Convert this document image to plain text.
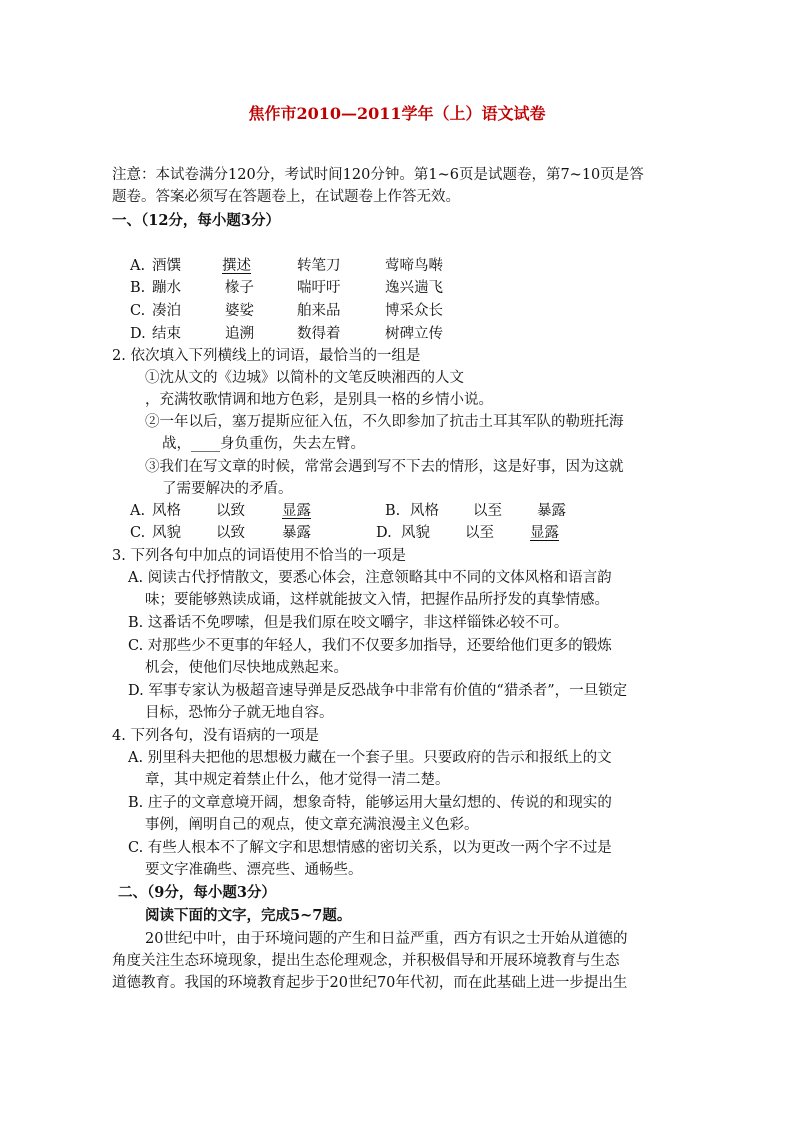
焦作市2010—2011学年（上）语文试卷
注意：本试卷满分120分，考试时间120分钟。第1~6页是试题卷，第7~10页是答
题卷。答案必须写在答题卷上，在试题卷上作答无效。
一、（12分，每小题3分）
A. 酒馔	撰述	转笔刀	莺啼鸟啭
B. 蹦水	椽子	喘吁吁	逸兴遄飞
C. 凑泊	婆娑	舶来品	博采众长
D. 结束	追溯	数得着	树碑立传
2. 依次填入下列横线上的词语，最恰当的一组是
①沈从文的《边城》以简朴的文笔反映湘西的人文
，充满牧歌情调和地方色彩，是别具一格的乡情小说。
②一年以后，塞万提斯应征入伍，不久即参加了抗击土耳其军队的勒班托海
战，____身负重伤，失去左臂。
③我们在写文章的时候，常常会遇到写不下去的情形，这是好事，因为这就
了需要解决的矛盾。
A. 风格 以致	显露	B. 风格 以至 暴露
C. 风貌 以致	暴露	D. 风貌 以至 显露
3. 下列各句中加点的词语使用不恰当的一项是
A. 阅读古代抒情散文，要悉心体会，注意领略其中不同的文体风格和语言韵
味；要能够熟读成诵，这样就能披文入情，把握作品所抒发的真挚情感。
B. 这番话不免啰嗦，但是我们原在咬文嚼字，非这样锱铢必较不可。
C. 对那些少不更事的年轻人，我们不仅要多加指导，还要给他们更多的锻炼
机会，使他们尽快地成熟起来。
D. 军事专家认为极超音速导弹是反恐战争中非常有价值的“猎杀者”，一旦锁定
目标，恐怖分子就无地自容。
4. 下列各句，没有语病的一项是
A. 别里科夫把他的思想极力藏在一个套子里。只要政府的告示和报纸上的文
章，其中规定着禁止什么，他才觉得一清二楚。
B. 庄子的文章意境开阔，想象奇特，能够运用大量幻想的、传说的和现实的
事例，阐明自己的观点，使文章充满浪漫主义色彩。
C. 有些人根本不了解文字和思想情感的密切关系，以为更改一两个字不过是
要文字准确些、漂亮些、通畅些。
二、（9分，每小题3分）
阅读下面的文字，完成5~7题。
20世纪中叶，由于环境问题的产生和日益严重，西方有识之士开始从道德的
角度关注生态环境现象，提出生态伦理观念，并积极倡导和开展环境教育与生态
道德教育。我国的环境教育起步于20世纪70年代初，而在此基础上进一步提出生
